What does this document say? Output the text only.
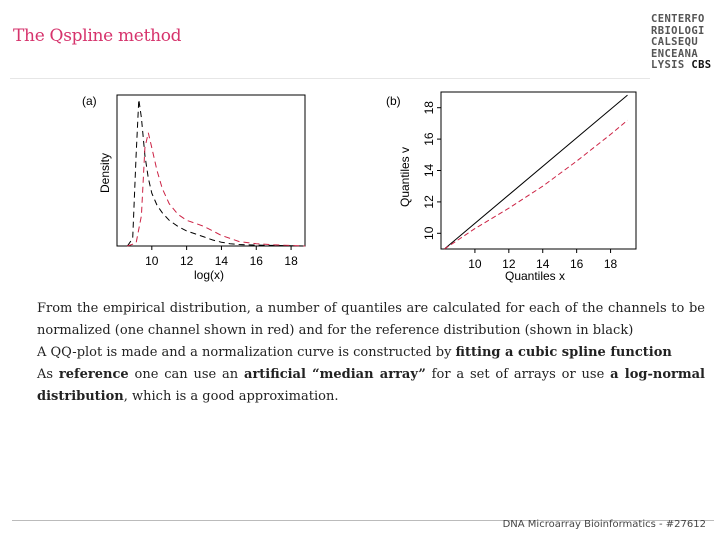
The Qspline method
CENTERFO
RBIOLOGI
CALSEQU
ENCEANA
LYSIS CBS
(a)
Density
log(x)
10 12 14 16 18
(b)
Quantiles v
Quantiles x
10 12 14 16 18
10
12
14
16
18

From the empirical distribution, a number of quantiles are calculated for each of the channels to be normalized (one channel shown in red) and for the reference distribution (shown in black)

A QQ-plot is made and a normalization curve is constructed by fitting a cubic spline function

As reference one can use an artificial “median array” for a set of arrays or use a log-normal distribution, which is a good approximation.

DNA Microarray Bioinformatics - #27612
